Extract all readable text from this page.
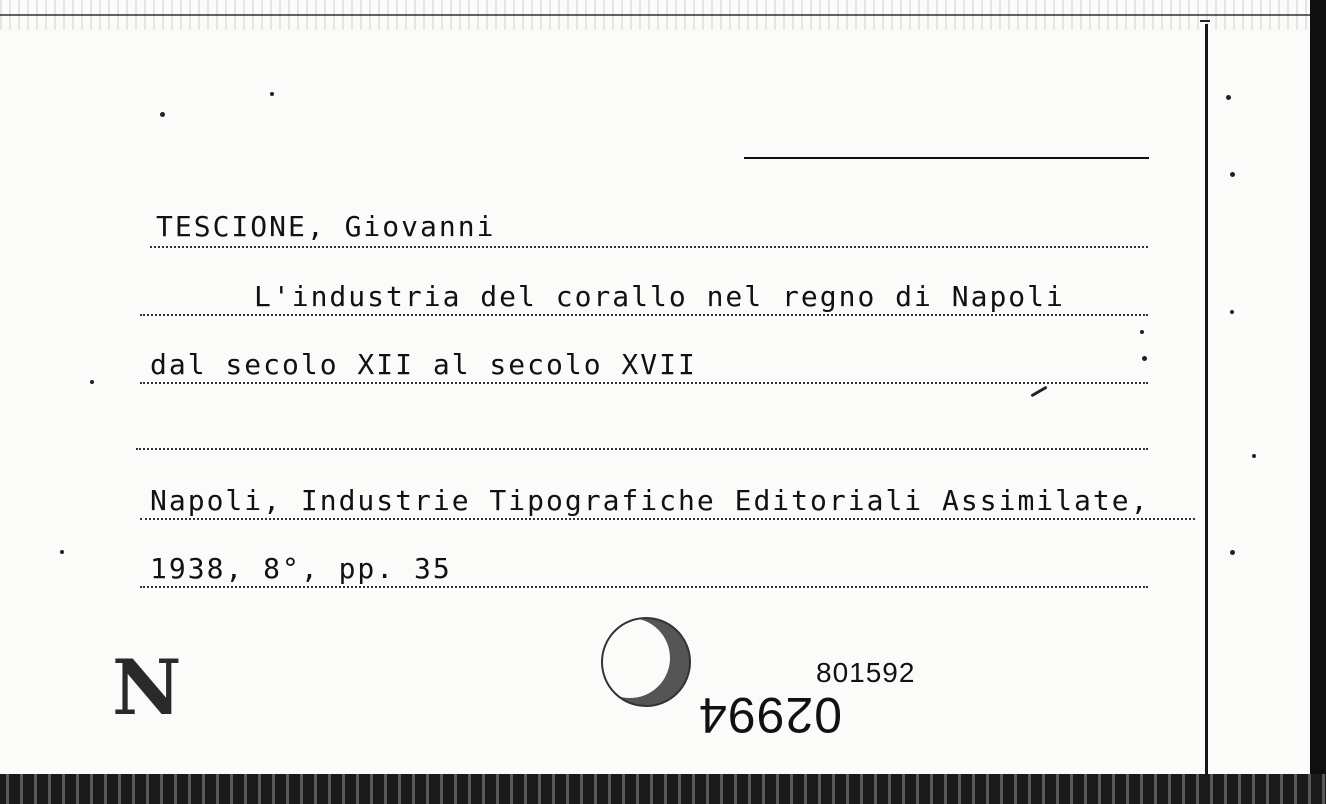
TESCIONE, Giovanni
L'industria del corallo nel regno di Napoli
dal secolo XII al secolo XVII
Napoli, Industrie Tipografiche Editoriali Assimilate,
1938, 8°, pp. 35
N	801592
02994
